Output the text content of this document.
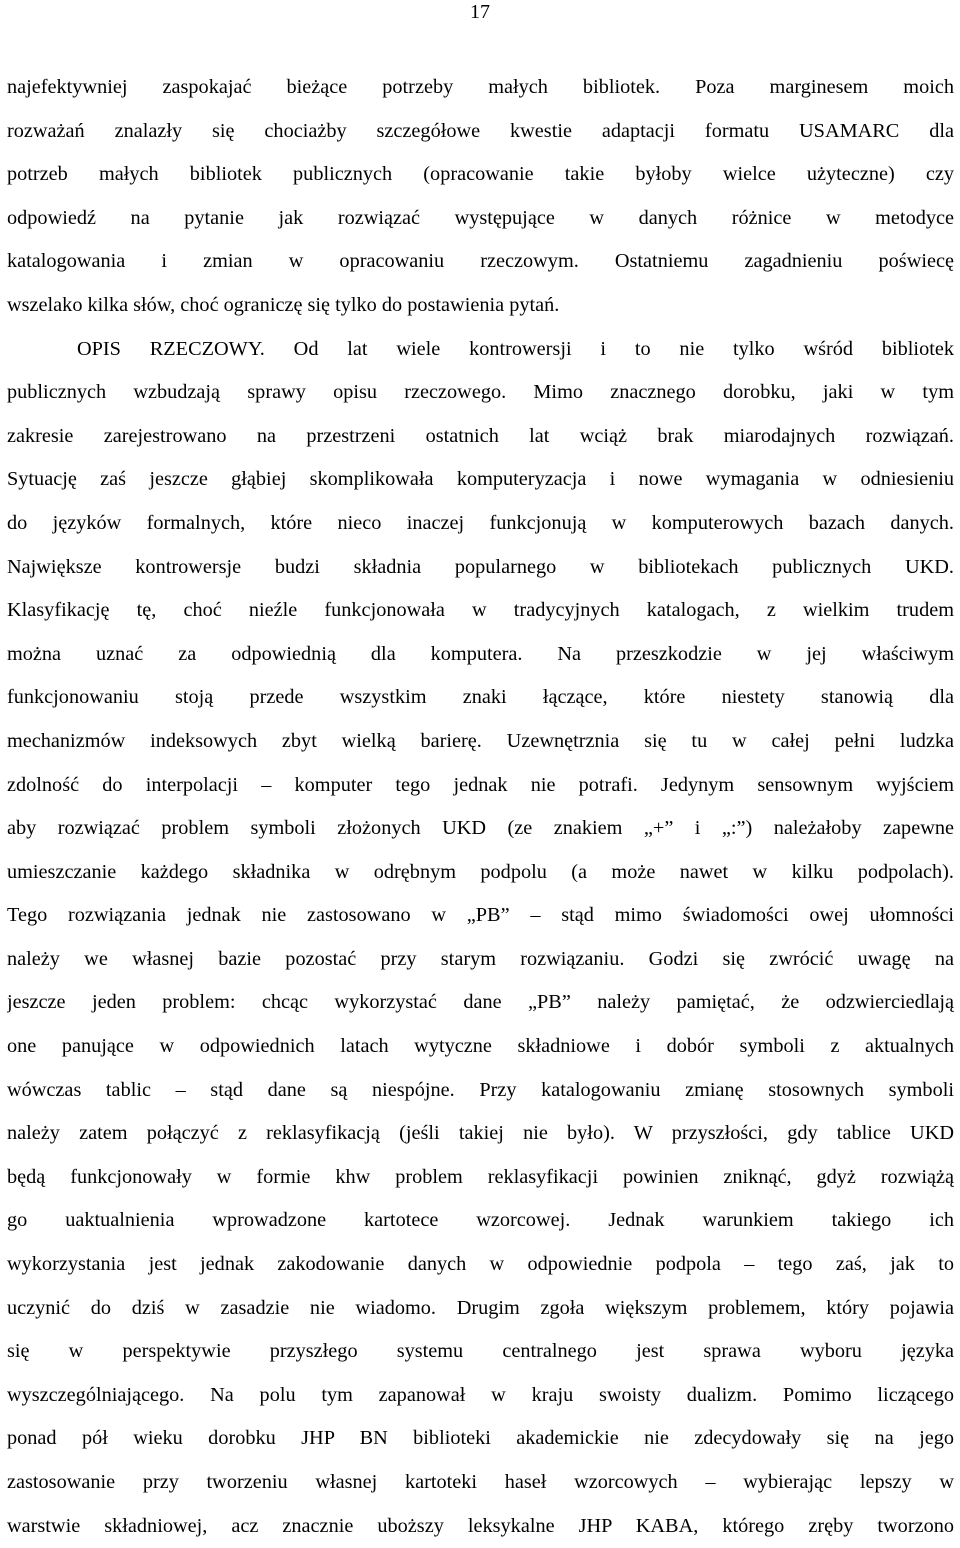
17
najefektywniej zaspokajać bieżące potrzeby małych bibliotek. Poza marginesem moich
rozważań znalazły się chociażby szczegółowe kwestie adaptacji formatu USAMARC dla
potrzeb małych bibliotek publicznych (opracowanie takie byłoby wielce użyteczne) czy
odpowiedź na pytanie jak rozwiązać występujące w danych różnice w metodyce
katalogowania i zmian w opracowaniu rzeczowym. Ostatniemu zagadnieniu poświecę
wszelako kilka słów, choć ograniczę się tylko do postawienia pytań.
OPIS RZECZOWY. Od lat wiele kontrowersji i to nie tylko wśród bibliotek
publicznych wzbudzają sprawy opisu rzeczowego. Mimo znacznego dorobku, jaki w tym
zakresie zarejestrowano na przestrzeni ostatnich lat wciąż brak miarodajnych rozwiązań.
Sytuację zaś jeszcze głąbiej skomplikowała komputeryzacja i nowe wymagania w odniesieniu
do języków formalnych, które nieco inaczej funkcjonują w komputerowych bazach danych.
Największe kontrowersje budzi składnia popularnego w bibliotekach publicznych UKD.
Klasyfikację tę, choć nieźle funkcjonowała w tradycyjnych katalogach, z wielkim trudem
można uznać za odpowiednią dla komputera. Na przeszkodzie w jej właściwym
funkcjonowaniu stoją przede wszystkim znaki łączące, które niestety stanowią dla
mechanizmów indeksowych zbyt wielką barierę. Uzewnętrznia się tu w całej pełni ludzka
zdolność do interpolacji – komputer tego jednak nie potrafi. Jedynym sensownym wyjściem
aby rozwiązać problem symboli złożonych UKD (ze znakiem „+” i „:”) należałoby zapewne
umieszczanie każdego składnika w odrębnym podpolu (a może nawet w kilku podpolach).
Tego rozwiązania jednak nie zastosowano w „PB” – stąd mimo świadomości owej ułomności
należy we własnej bazie pozostać przy starym rozwiązaniu. Godzi się zwrócić uwagę na
jeszcze jeden problem: chcąc wykorzystać dane „PB” należy pamiętać, że odzwierciedlają
one panujące w odpowiednich latach wytyczne składniowe i dobór symboli z aktualnych
wówczas tablic – stąd dane są niespójne. Przy katalogowaniu zmianę stosownych symboli
należy zatem połączyć z reklasyfikacją (jeśli takiej nie było). W przyszłości, gdy tablice UKD
będą funkcjonowały w formie khw problem reklasyfikacji powinien zniknąć, gdyż rozwiążą
go uaktualnienia wprowadzone kartotece wzorcowej. Jednak warunkiem takiego ich
wykorzystania jest jednak zakodowanie danych w odpowiednie podpola – tego zaś, jak to
uczynić do dziś w zasadzie nie wiadomo. Drugim zgoła większym problemem, który pojawia
się w perspektywie przyszłego systemu centralnego jest sprawa wyboru języka
wyszczególniającego. Na polu tym zapanował w kraju swoisty dualizm. Pomimo liczącego
ponad pół wieku dorobku JHP BN biblioteki akademickie nie zdecydowały się na jego
zastosowanie przy tworzeniu własnej kartoteki haseł wzorcowych – wybierając lepszy w
warstwie składniowej, acz znacznie uboższy leksykalne JHP KABA, którego zręby tworzono
